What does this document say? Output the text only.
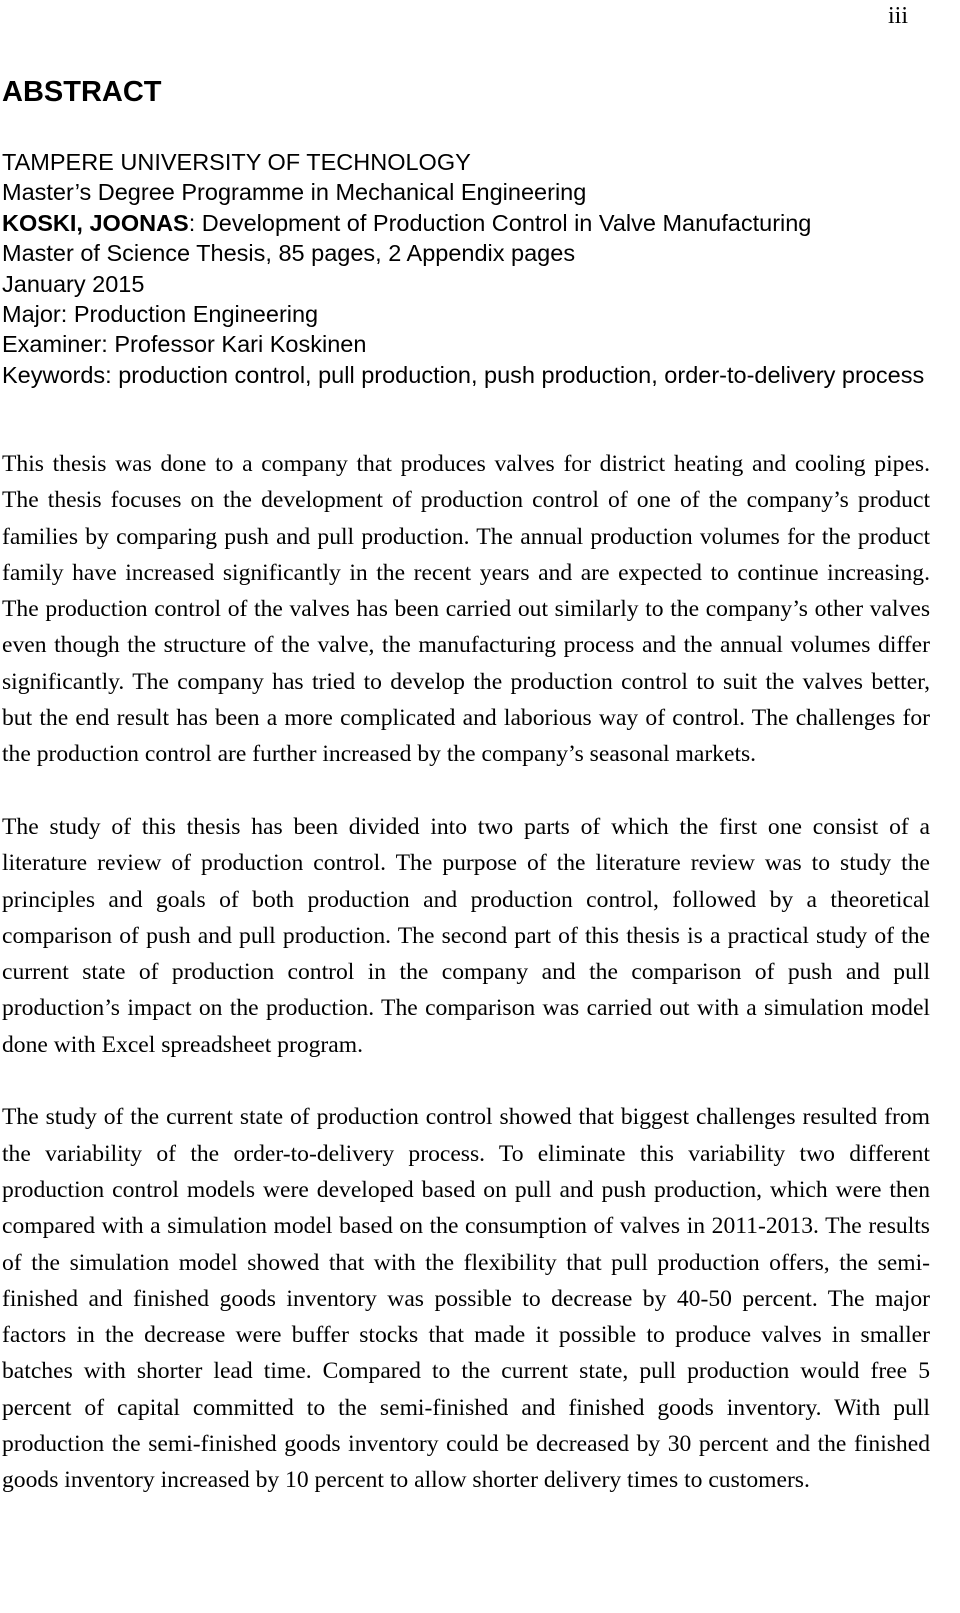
iii
ABSTRACT
TAMPERE UNIVERSITY OF TECHNOLOGY
Master’s Degree Programme in Mechanical Engineering
KOSKI, JOONAS: Development of Production Control in Valve Manufacturing
Master of Science Thesis, 85 pages, 2 Appendix pages
January 2015
Major: Production Engineering
Examiner: Professor Kari Koskinen
Keywords: production control, pull production, push production, order-to-delivery process

This thesis was done to a company that produces valves for district heating and cooling pipes. The thesis focuses on the development of production control of one of the company’s product families by comparing push and pull production. The annual production volumes for the product family have increased significantly in the recent years and are expected to continue increasing. The production control of the valves has been carried out similarly to the company’s other valves even though the structure of the valve, the manufacturing process and the annual volumes differ significantly. The company has tried to develop the production control to suit the valves better, but the end result has been a more complicated and laborious way of control. The challenges for the production control are further increased by the company’s seasonal markets.

The study of this thesis has been divided into two parts of which the first one consist of a literature review of production control. The purpose of the literature review was to study the principles and goals of both production and production control, followed by a theoretical comparison of push and pull production. The second part of this thesis is a practical study of the current state of production control in the company and the comparison of push and pull production’s impact on the production. The comparison was carried out with a simulation model done with Excel spreadsheet program.

The study of the current state of production control showed that biggest challenges resulted from the variability of the order-to-delivery process. To eliminate this variability two different production control models were developed based on pull and push production, which were then compared with a simulation model based on the consumption of valves in 2011-2013. The results of the simulation model showed that with the flexibility that pull production offers, the semi-finished and finished goods inventory was possible to decrease by 40-50 percent. The major factors in the decrease were buffer stocks that made it possible to produce valves in smaller batches with shorter lead time. Compared to the current state, pull production would free 5 percent of capital committed to the semi-finished and finished goods inventory. With pull production the semi-finished goods inventory could be decreased by 30 percent and the finished goods inventory increased by 10 percent to allow shorter delivery times to customers.
